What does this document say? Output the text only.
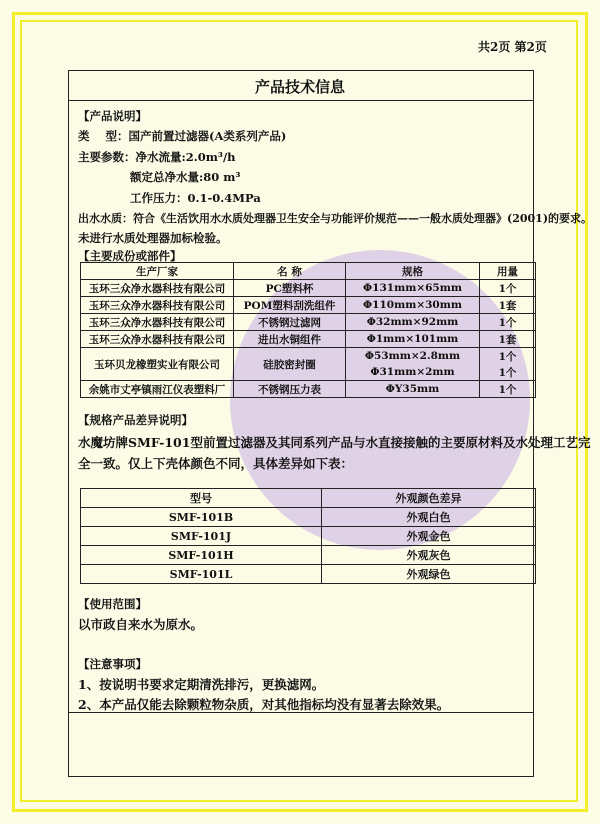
共2页 第2页
产品技术信息
【产品说明】
类    型：国产前置过滤器(A类系列产品)
主要参数：净水流量:2.0m³/h
额定总净水量:80 m³
工作压力：0.1-0.4MPa
出水水质：符合《生活饮用水水质处理器卫生安全与功能评价规范——一般水质处理器》(2001)的要求。
未进行水质处理器加标检验。
【主要成份或部件】
生产厂家	名 称	规格	用量
玉环三众净水器科技有限公司	PC塑料杯	Φ131mm×65mm	1个
玉环三众净水器科技有限公司	POM塑料刮洗组件	Φ110mm×30mm	1套
玉环三众净水器科技有限公司	不锈钢过滤网	Φ32mm×92mm	1个
玉环三众净水器科技有限公司	进出水铜组件	Φ1mm×101mm	1套
玉环贝龙橡塑实业有限公司	硅胶密封圈	Φ53mm×2.8mm	1个
		Φ31mm×2mm	1个
余姚市丈亭镇雨江仪表塑料厂	不锈钢压力表	ΦY35mm	1个
【规格产品差异说明】
水魔坊牌SMF-101型前置过滤器及其同系列产品与水直接接触的主要原材料及水处理工艺完
全一致。仅上下壳体颜色不同，具体差异如下表：
型号	外观颜色差异
SMF-101B	外观白色
SMF-101J	外观金色
SMF-101H	外观灰色
SMF-101L	外观绿色
【使用范围】
以市政自来水为原水。
【注意事项】
1、按说明书要求定期清洗排污，更换滤网。
2、本产品仅能去除颗粒物杂质，对其他指标均没有显著去除效果。
